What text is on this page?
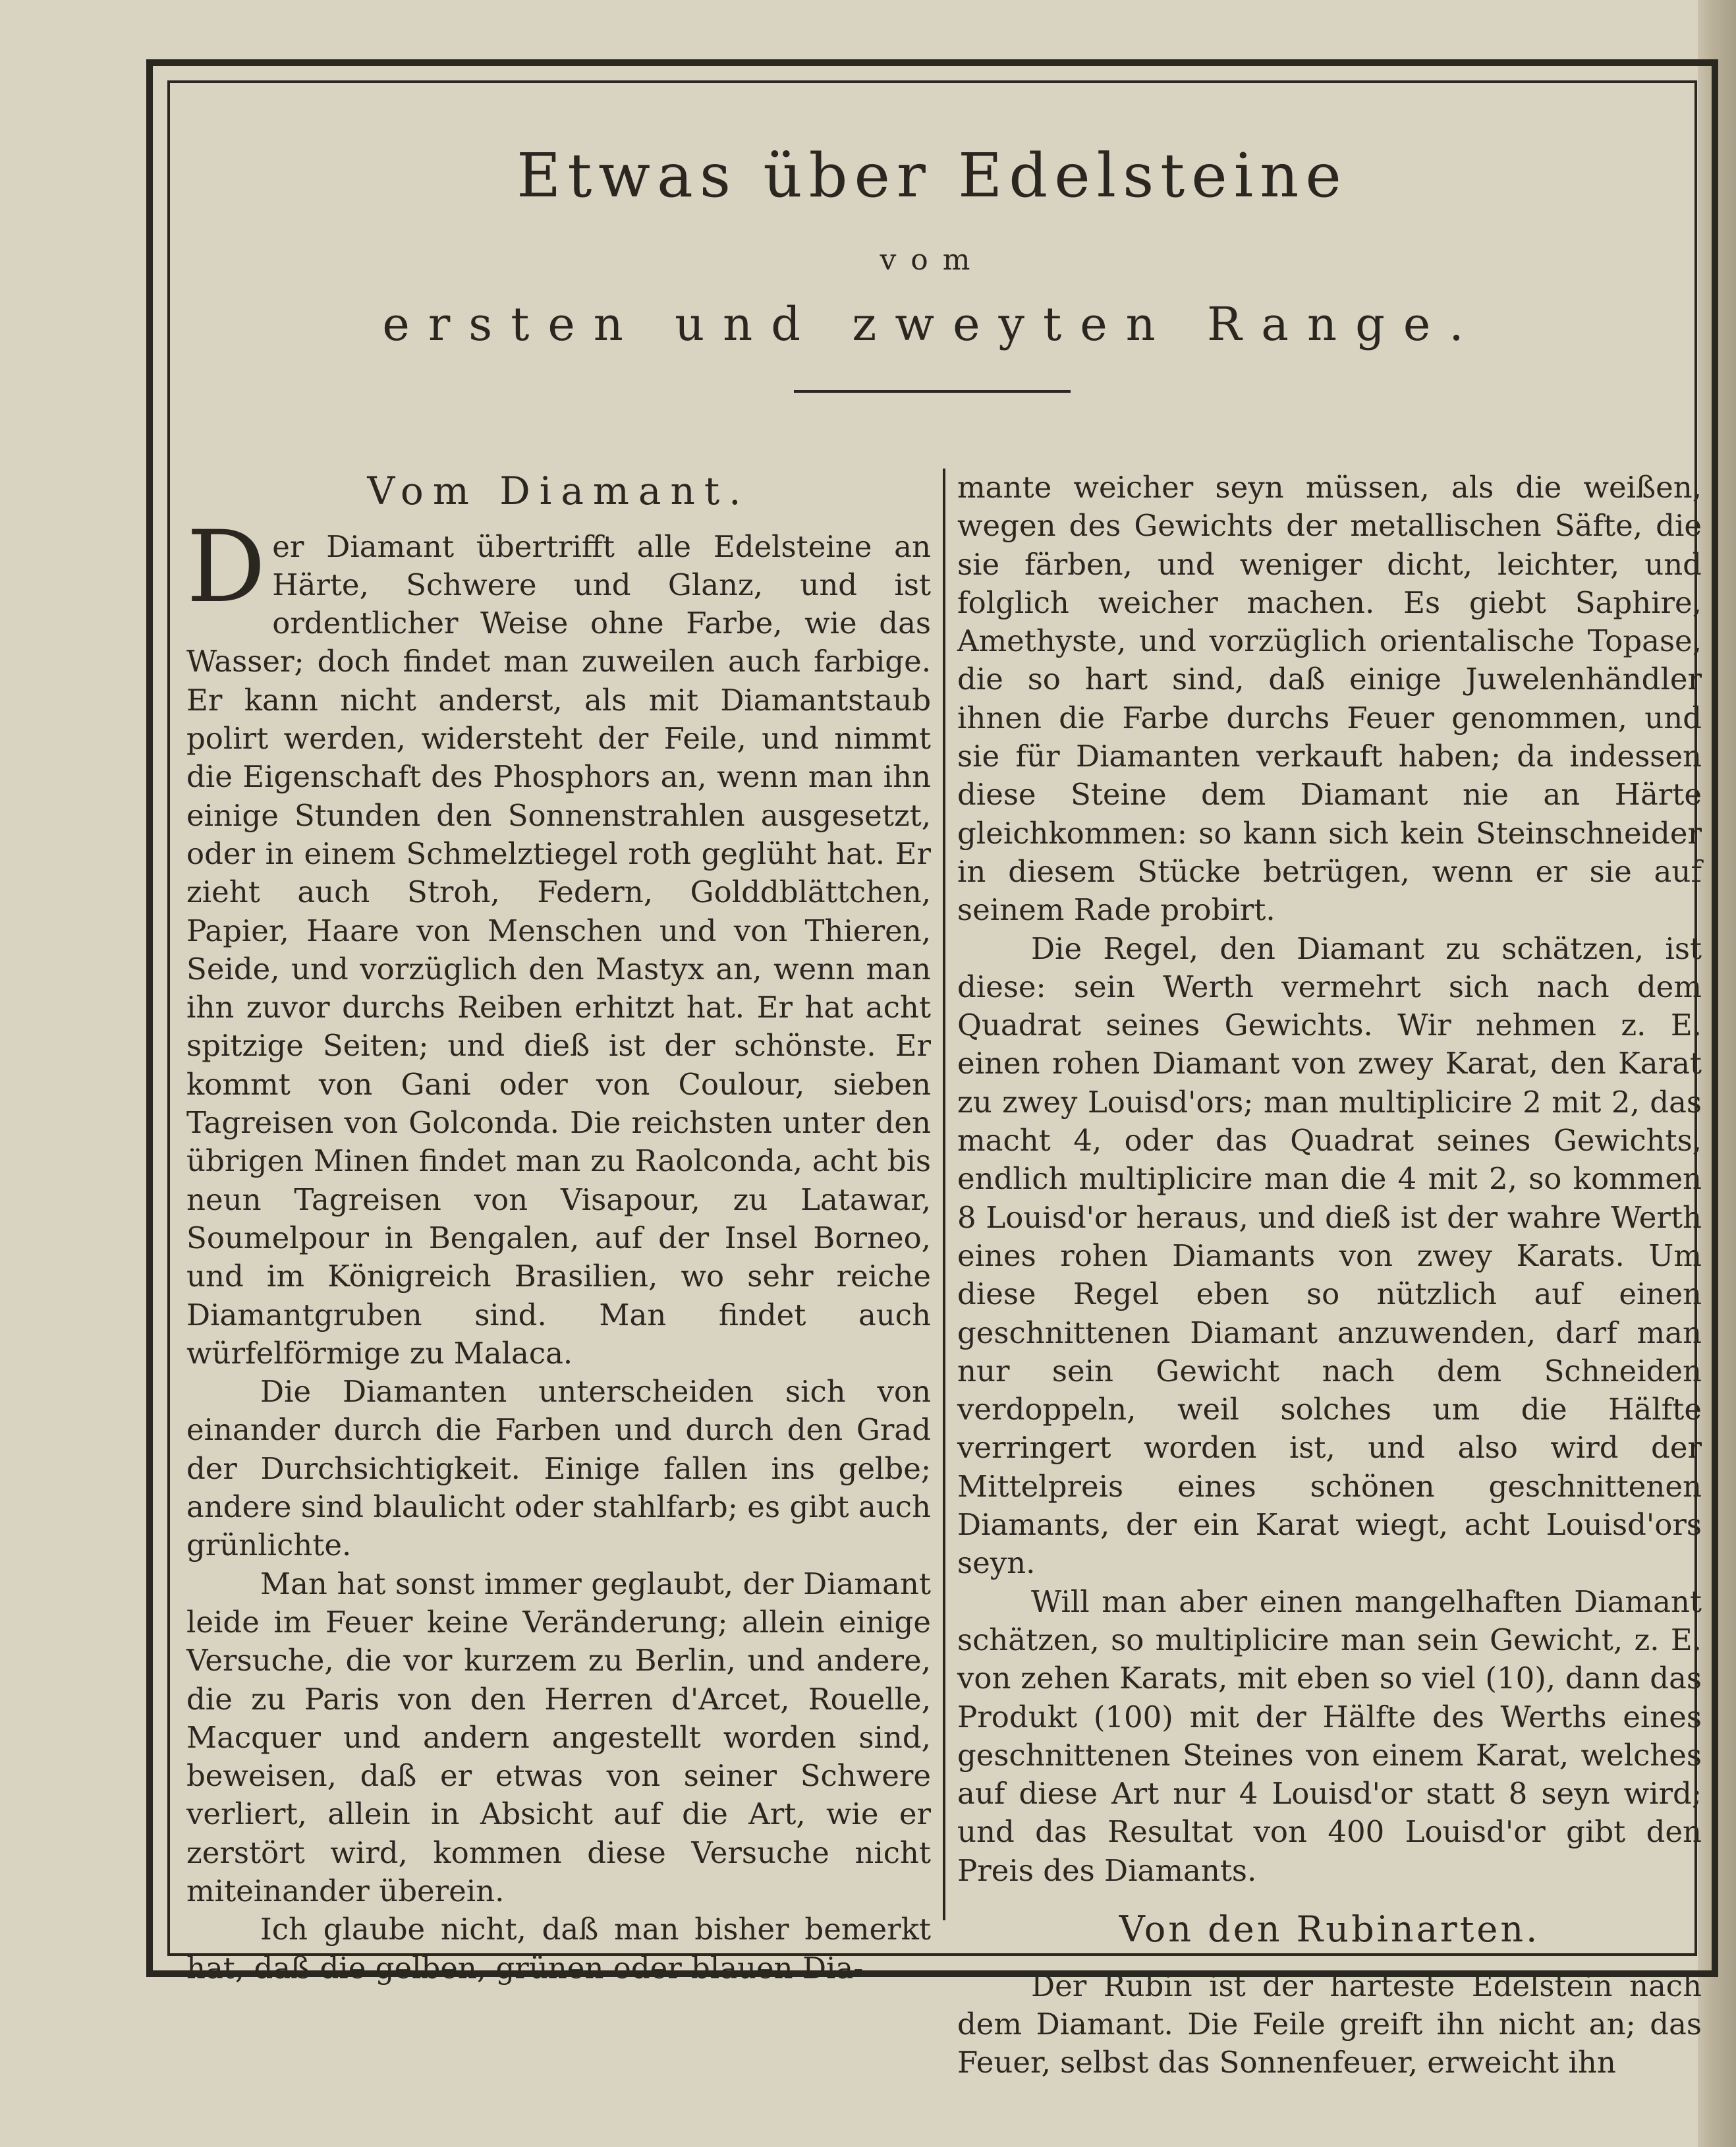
Etwas über Edelsteine
vom
ersten und zweyten Range.
Vom Diamant.

Der Diamant übertrifft alle Edelsteine an Härte, Schwere und Glanz, und ist ordentlicher Weise ohne Farbe, wie das Wasser; doch findet man zuweilen auch farbige. Er kann nicht anderst, als mit Diamantstaub polirt werden, widersteht der Feile, und nimmt die Eigenschaft des Phosphors an, wenn man ihn einige Stunden den Sonnenstrahlen ausgesetzt, oder in einem Schmelztiegel roth geglüht hat. Er zieht auch Stroh, Federn, Golddblättchen, Papier, Haare von Menschen und von Thieren, Seide, und vorzüglich den Mastyx an, wenn man ihn zuvor durchs Reiben erhitzt hat. Er hat acht spitzige Seiten; und dieß ist der schönste. Er kommt von Gani oder von Coulour, sieben Tagreisen von Golconda. Die reichsten unter den übrigen Minen findet man zu Raolconda, acht bis neun Tagreisen von Visapour, zu Latawar, Soumelpour in Bengalen, auf der Insel Borneo, und im Königreich Brasilien, wo sehr reiche Diamantgruben sind. Man findet auch würfelförmige zu Malaca.

Die Diamanten unterscheiden sich von einander durch die Farben und durch den Grad der Durchsichtigkeit. Einige fallen ins gelbe; andere sind blaulicht oder stahlfarb; es gibt auch grünlichte.

Man hat sonst immer geglaubt, der Diamant leide im Feuer keine Veränderung; allein einige Versuche, die vor kurzem zu Berlin, und andere, die zu Paris von den Herren d'Arcet, Rouelle, Macquer und andern angestellt worden sind, beweisen, daß er etwas von seiner Schwere verliert, allein in Absicht auf die Art, wie er zerstört wird, kommen diese Versuche nicht miteinander überein.

Ich glaube nicht, daß man bisher bemerkt hat, daß die gelben, grünen oder blauen Dia-

mante weicher seyn müssen, als die weißen, wegen des Gewichts der metallischen Säfte, die sie färben, und weniger dicht, leichter, und folglich weicher machen. Es giebt Saphire, Amethyste, und vorzüglich orientalische Topase, die so hart sind, daß einige Juwelenhändler ihnen die Farbe durchs Feuer genommen, und sie für Diamanten verkauft haben; da indessen diese Steine dem Diamant nie an Härte gleichkommen: so kann sich kein Steinschneider in diesem Stücke betrügen, wenn er sie auf seinem Rade probirt.

Die Regel, den Diamant zu schätzen, ist diese: sein Werth vermehrt sich nach dem Quadrat seines Gewichts. Wir nehmen z. E. einen rohen Diamant von zwey Karat, den Karat zu zwey Louisd'ors; man multiplicire 2 mit 2, das macht 4, oder das Quadrat seines Gewichts, endlich multiplicire man die 4 mit 2, so kommen 8 Louisd'or heraus, und dieß ist der wahre Werth eines rohen Diamants von zwey Karats. Um diese Regel eben so nützlich auf einen geschnittenen Diamant anzuwenden, darf man nur sein Gewicht nach dem Schneiden verdoppeln, weil solches um die Hälfte verringert worden ist, und also wird der Mittelpreis eines schönen geschnittenen Diamants, der ein Karat wiegt, acht Louisd'ors seyn.

Will man aber einen mangelhaften Diamant schätzen, so multiplicire man sein Gewicht, z. E. von zehen Karats, mit eben so viel (10), dann das Produkt (100) mit der Hälfte des Werths eines geschnittenen Steines von einem Karat, welches auf diese Art nur 4 Louisd'or statt 8 seyn wird; und das Resultat von 400 Louisd'or gibt den Preis des Diamants.

Von den Rubinarten.

Der Rubin ist der härteste Edelstein nach dem Diamant. Die Feile greift ihn nicht an; das Feuer, selbst das Sonnenfeuer, erweicht ihn
